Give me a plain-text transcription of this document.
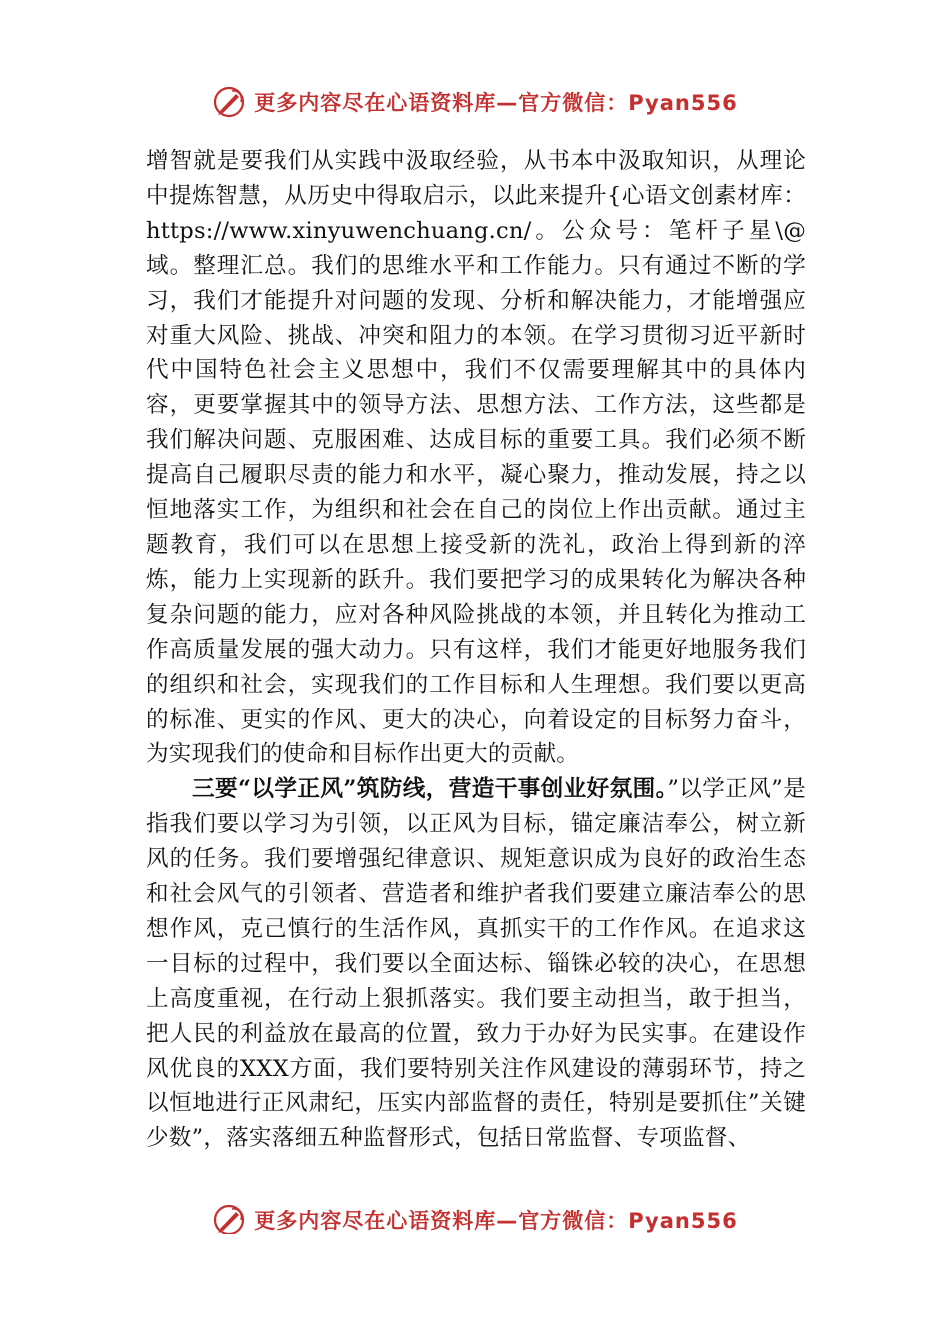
更多内容尽在心语资料库—官方微信：Pyan556

增智就是要我们从实践中汲取经验，从书本中汲取知识，从理论中提炼智慧，从历史中得取启示，以此来提升{心语文创素材库：https://www.xinyuwenchuang.cn/。公众号：笔杆子星\@域。整理汇总。我们的思维水平和工作能力。只有通过不断的学习，我们才能提升对问题的发现、分析和解决能力，才能增强应对重大风险、挑战、冲突和阻力的本领。在学习贯彻习近平新时代中国特色社会主义思想中，我们不仅需要理解其中的具体内容，更要掌握其中的领导方法、思想方法、工作方法，这些都是我们解决问题、克服困难、达成目标的重要工具。我们必须不断提高自己履职尽责的能力和水平，凝心聚力，推动发展，持之以恒地落实工作，为组织和社会在自己的岗位上作出贡献。通过主题教育，我们可以在思想上接受新的洗礼，政治上得到新的淬炼，能力上实现新的跃升。我们要把学习的成果转化为解决各种复杂问题的能力，应对各种风险挑战的本领，并且转化为推动工作高质量发展的强大动力。只有这样，我们才能更好地服务我们的组织和社会，实现我们的工作目标和人生理想。我们要以更高的标准、更实的作风、更大的决心，向着设定的目标努力奋斗，为实现我们的使命和目标作出更大的贡献。

三要“以学正风”筑防线，营造干事创业好氛围。”以学正风”是指我们要以学习为引领，以正风为目标，锚定廉洁奉公，树立新风的任务。我们要增强纪律意识、规矩意识成为良好的政治生态和社会风气的引领者、营造者和维护者我们要建立廉洁奉公的思想作风，克己慎行的生活作风，真抓实干的工作作风。在追求这一目标的过程中，我们要以全面达标、锱铢必较的决心，在思想上高度重视，在行动上狠抓落实。我们要主动担当，敢于担当，把人民的利益放在最高的位置，致力于办好为民实事。在建设作风优良的XXX方面，我们要特别关注作风建设的薄弱环节，持之以恒地进行正风肃纪，压实内部监督的责任，特别是要抓住”关键少数”，落实落细五种监督形式，包括日常监督、专项监督、

更多内容尽在心语资料库—官方微信：Pyan556
